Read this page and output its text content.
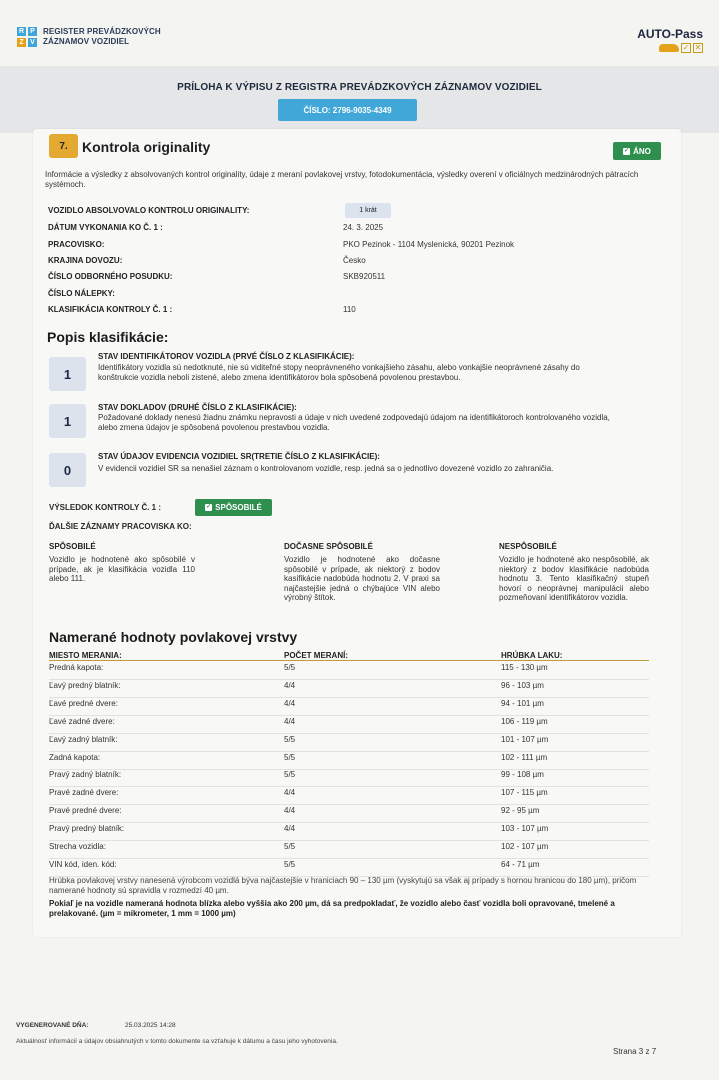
R P
Z V
REGISTER PREVÁDZKOVÝCH
ZÁZNAMOV VOZIDIEL
AUTO-Pass
✓ ✕
PRÍLOHA K VÝPISU Z REGISTRA PREVÁDZKOVÝCH ZÁZNAMOV VOZIDIEL
ČÍSLO: 2796-9035-4349
7.	Kontrola originality	✓ ÁNO
Informácie a výsledky z absolvovaných kontrol originality, údaje z meraní povlakovej vrstvy, fotodokumentácia, výsledky overení v oficiálnych medzinárodných pátracích systémoch.
VOZIDLO ABSOLVOVALO KONTROLU ORIGINALITY:	1 krát
DÁTUM VYKONANIA KO Č. 1 :	24. 3. 2025
PRACOVISKO:	PKO Pezinok - 1104 Myslenická, 90201 Pezinok
KRAJINA DOVOZU:	Česko
ČÍSLO ODBORNÉHO POSUDKU:	SKB920511
ČÍSLO NÁLEPKY:
KLASIFIKÁCIA KONTROLY Č. 1 :	110
Popis klasifikácie:
1
STAV IDENTIFIKÁTOROV VOZIDLA (PRVÉ ČÍSLO Z KLASIFIKÁCIE):
Identifikátory vozidla sú nedotknuté, nie sú viditeľné stopy neoprávneného vonkajšieho zásahu, alebo vonkajšie neoprávnené zásahy do konštrukcie vozidla neboli zistené, alebo zmena identifikátorov bola spôsobená povolenou prestavbou.
1
STAV DOKLADOV (DRUHÉ ČÍSLO Z KLASIFIKÁCIE):
Požadované doklady nenesú žiadnu známku nepravosti a údaje v nich uvedené zodpovedajú údajom na identifikátoroch kontrolovaného vozidla, alebo zmena údajov je spôsobená povolenou prestavbou vozidla.
0
STAV ÚDAJOV EVIDENCIA VOZIDIEL SR(TRETIE ČÍSLO Z KLASIFIKÁCIE):
V evidencii vozidiel SR sa nenašiel záznam o kontrolovanom vozidle, resp. jedná sa o jednotlivo dovezené vozidlo zo zahraničia.
VÝSLEDOK KONTROLY Č. 1 :	✓ SPÔSOBILÉ
ĎALŠIE ZÁZNAMY PRACOVISKA KO:
SPÔSOBILÉ
Vozidlo je hodnotené ako spôsobilé v prípade, ak je klasifikácia vozidla 110 alebo 111.
DOČASNE SPÔSOBILÉ
Vozidlo je hodnotené ako dočasne spôsobilé v prípade, ak niektorý z bodov kasifikácie nadobúda hodnotu 2. V praxi sa najčastejšie jedná o chýbajúce VIN alebo výrobný štítok.
NESPÔSOBILÉ
Vozidlo je hodnotené ako nespôsobilé, ak niektorý z bodov klasifikácie nadobúda hodnotu 3. Tento klasifikačný stupeň hovorí o neoprávnej manipulácii alebo pozmeňovaní identifikátorov vozidla.
Namerané hodnoty povlakovej vrstvy
MIESTO MERANIA:	POČET MERANÍ:	HRÚBKA LAKU:
Predná kapota:	5/5	115 - 130 µm
Ľavý predný blatník:	4/4	96 - 103 µm
Ľavé predné dvere:	4/4	94 - 101 µm
Ľavé zadné dvere:	4/4	106 - 119 µm
Ľavý zadný blatník:	5/5	101 - 107 µm
Zadná kapota:	5/5	102 - 111 µm
Pravý zadný blatník:	5/5	99 - 108 µm
Pravé zadné dvere:	4/4	107 - 115 µm
Pravé predné dvere:	4/4	92 - 95 µm
Pravý predný blatník:	4/4	103 - 107 µm
Strecha vozidla:	5/5	102 - 107 µm
VIN kód, iden. kód:	5/5	64 - 71 µm
Hrúbka povlakovej vrstvy nanesená výrobcom vozidlá býva najčastejšie v hraniciach 90 – 130 µm (vyskytujú sa však aj prípady s hornou hranicou do 180 µm), pričom namerané hodnoty sú spravidla v rozmedzí 40 µm.
Pokiaľ je na vozidle nameraná hodnota blízka alebo vyššia ako 200 µm, dá sa predpokladať, že vozidlo alebo časť vozidla boli opravované, tmelené a prelakované. (µm = mikrometer, 1 mm = 1000 µm)
VYGENEROVANÉ DŇA:	25.03.2025 14:28
Aktuálnosť informácií a údajov obsiahnutých v tomto dokumente sa vzťahuje k dátumu a času jeho vyhotovenia.
Strana 3 z 7
